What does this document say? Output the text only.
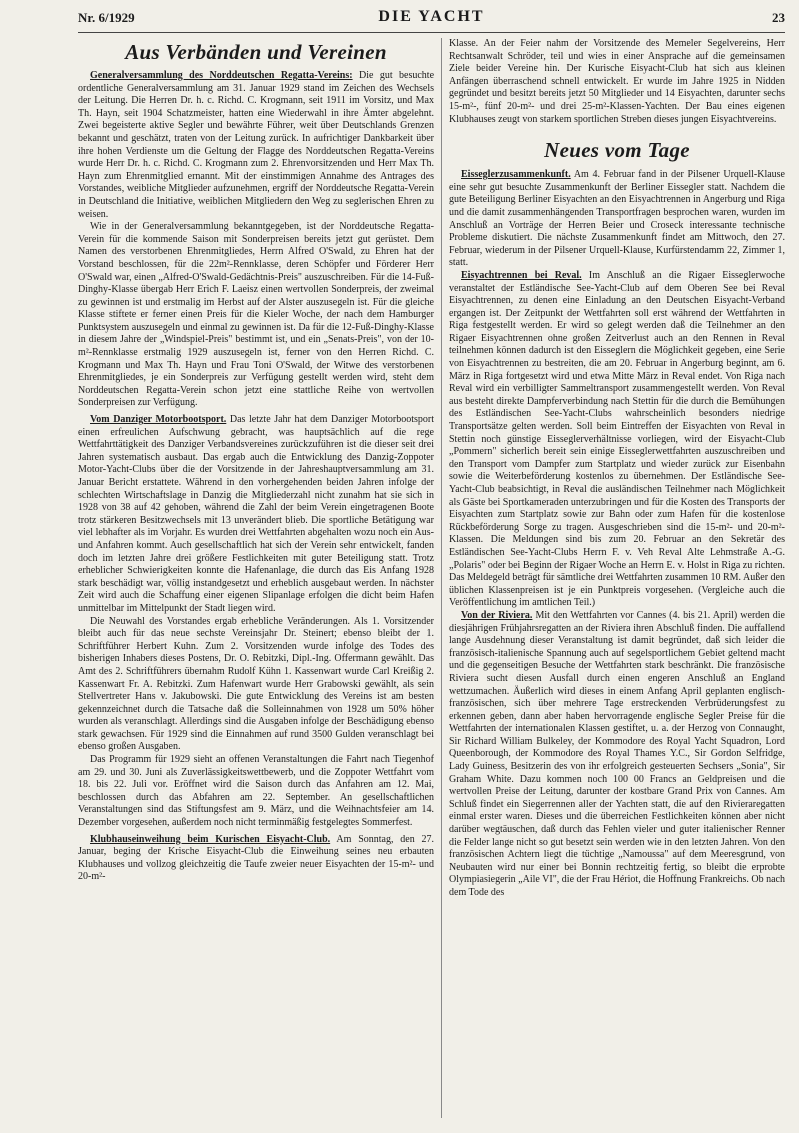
Nr. 6/1929	DIE YACHT	23
Aus Verbänden und Vereinen

Generalversammlung des Norddeutschen Regatta-Vereins: Die gut besuchte ordentliche Generalversammlung am 31. Januar 1929 stand im Zeichen des Wechsels der Leitung. Die Herren Dr. h. c. Richd. C. Krogmann, seit 1911 im Vorsitz, und Max Th. Hayn, seit 1904 Schatzmeister, hatten eine Wiederwahl in ihre Ämter abgelehnt. Zwei begeisterte aktive Segler und bewährte Führer, weit über Deutschlands Grenzen bekannt und geschätzt, traten von der Leitung zurück. In aufrichtiger Dankbarkeit über ihre hohen Verdienste um die Geltung der Flagge des Norddeutschen Regatta-Vereins wurde Herr Dr. h. c. Richd. C. Krogmann zum 2. Ehrenvorsitzenden und Herr Max Th. Hayn zum Ehrenmitglied ernannt. Mit der einstimmigen Annahme des Antrages des Vorstandes, weibliche Mitglieder aufzunehmen, ergriff der Norddeutsche Regatta-Verein in Deutschland die Initiative, weiblichen Mitgliedern den Weg zu seglerischen Ehren zu weisen.

Wie in der Generalversammlung bekanntgegeben, ist der Norddeutsche Regatta-Verein für die kommende Saison mit Sonderpreisen bereits jetzt gut gerüstet. Dem Namen des verstorbenen Ehrenmitgliedes, Herrn Alfred O'Swald, zu Ehren hat der Vorstand beschlossen, für die 22m²-Rennklasse, deren Schöpfer und Förderer Herr O'Swald war, einen „Alfred-O'Swald-Gedächtnis-Preis" auszuschreiben. Für die 14-Fuß-Dinghy-Klasse übergab Herr Erich F. Laeisz einen wertvollen Sonderpreis, der zweimal zu gewinnen ist und erstmalig im Herbst auf der Alster auszusegeln ist. Für die gleiche Klasse stiftete er ferner einen Preis für die Kieler Woche, der nach dem Hamburger Punktsystem auszusegeln und einmal zu gewinnen ist. Da für die 12-Fuß-Dinghy-Klasse in diesem Jahre der „Windspiel-Preis" bestimmt ist, und ein „Senats-Preis", von der 10-m²-Rennklasse erstmalig 1929 auszusegeln ist, ferner von den Herren Richd. C. Krogmann und Max Th. Hayn und Frau Toni O'Swald, der Witwe des verstorbenen Ehrenmitgliedes, je ein Sonderpreis zur Verfügung gestellt werden wird, steht dem Norddeutschen Regatta-Verein schon jetzt eine stattliche Reihe von wertvollen Sonderpreisen zur Verfügung.

Vom Danziger Motorbootsport. Das letzte Jahr hat dem Danziger Motorbootsport einen erfreulichen Aufschwung gebracht, was hauptsächlich auf die rege Wettfahrttätigkeit des Danziger Verbandsvereines zurückzuführen ist die dieser seit drei Jahren systematisch ausbaut. Das ergab auch die Entwicklung des Danzig-Zoppoter Motor-Yacht-Clubs über die der Vorsitzende in der Jahreshauptversammlung am 31. Januar Bericht erstattete. Während in den vorhergehenden beiden Jahren infolge der schlechten Wirtschaftslage in Danzig die Mitgliederzahl nicht zunahm hat sie sich in 1928 von 38 auf 42 gehoben, während die Zahl der beim Verein eingetragenen Boote trotz stärkeren Besitzwechsels mit 13 unverändert blieb. Die sportliche Betätigung war viel lebhafter als im Vorjahr. Es wurden drei Wettfahrten abgehalten wozu noch ein Aus- und Anfahren kommt. Auch gesellschaftlich hat sich der Verein sehr entwickelt, fanden doch im letzten Jahre drei größere Festlichkeiten mit guter Beteiligung statt. Trotz erheblicher Schwierigkeiten konnte die Hafenanlage, die durch das Eis Anfang 1928 stark beschädigt war, völlig instandgesetzt und erheblich ausgebaut werden. In nächster Zeit wird auch die Schaffung einer eigenen Slipanlage erfolgen die dicht beim Hafen unmittelbar im Mittelpunkt der Stadt liegen wird.

Die Neuwahl des Vorstandes ergab erhebliche Veränderungen. Als 1. Vorsitzender bleibt auch für das neue sechste Vereinsjahr Dr. Steinert; ebenso bleibt der 1. Schriftführer Herbert Kuhn. Zum 2. Vorsitzenden wurde infolge des Todes des bisherigen Inhabers dieses Postens, Dr. O. Rebitzki, Dipl.-Ing. Offermann gewählt. Das Amt des 2. Schriftführers übernahm Rudolf Kühn 1. Kassenwart wurde Carl Kreißig 2. Kassenwart Fr. A. Rebitzki. Zum Hafenwart wurde Herr Grabowski gewählt, als sein Stellvertreter Hans v. Jakubowski. Die gute Entwicklung des Vereins ist am besten gekennzeichnet durch die Tatsache daß die Solleinnahmen von 1928 um 50% höher wurden als veranschlagt. Allerdings sind die Ausgaben infolge der Beschädigung ebenso stark gewachsen. Für 1929 sind die Einnahmen auf rund 3500 Gulden veranschlagt bei ebenso großen Ausgaben.

Das Programm für 1929 sieht an offenen Veranstaltungen die Fahrt nach Tiegenhof am 29. und 30. Juni als Zuverlässigkeitswettbewerb, und die Zoppoter Wettfahrt vom 18. bis 22. Juli vor. Eröffnet wird die Saison durch das Anfahren am 12. Mai, beschlossen durch das Abfahren am 22. September. An gesellschaftlichen Veranstaltungen sind das Stiftungsfest am 9. März, und die Weihnachtsfeier am 14. Dezember vorgesehen, außerdem noch nicht terminmäßig festgelegtes Sommerfest.

Klubhauseinweihung beim Kurischen Eisyacht-Club. Am Sonntag, den 27. Januar, beging der Krische Eisyacht-Club die Einweihung seines neu erbauten Klubhauses und vollzog gleichzeitig die Taufe zweier neuer Eisyachten der 15-m²- und 20-m²-

Klasse. An der Feier nahm der Vorsitzende des Memeler Segelvereins, Herr Rechtsanwalt Schröder, teil und wies in einer Ansprache auf die gemeinsamen Ziele beider Vereine hin. Der Kurische Eisyacht-Club hat sich aus kleinen Anfängen überraschend schnell entwickelt. Er wurde im Jahre 1925 in Nidden gegründet und besitzt bereits jetzt 50 Mitglieder und 14 Eisyachten, darunter sechs 15-m²-, fünf 20-m²- und drei 25-m²-Klassen-Yachten. Der Bau eines eigenen Klubhauses zeugt von starkem sportlichen Streben dieses jungen Eisyachtvereins.

Neues vom Tage

Eisseglerzusammenkunft. Am 4. Februar fand in der Pilsener Urquell-Klause eine sehr gut besuchte Zusammenkunft der Berliner Eissegler statt. Nachdem die gute Beteiligung Berliner Eisyachten an den Eisyachtrennen in Angerburg und Riga und die damit zusammenhängenden Transportfragen besprochen waren, wurden im Anschluß an Vorträge der Herren Beier und Croseck interessante technische Probleme diskutiert. Die nächste Zusammenkunft findet am Mittwoch, den 27. Februar, wiederum in der Pilsener Urquell-Klause, Kurfürstendamm 22, Zimmer 1, statt.

Eisyachtrennen bei Reval. Im Anschluß an die Rigaer Eisseglerwoche veranstaltet der Estländische See-Yacht-Club auf dem Oberen See bei Reval Eisyachtrennen, zu denen eine Einladung an den Deutschen Eisyacht-Verband ergangen ist. Der Zeitpunkt der Wettfahrten soll erst während der Wettfahrten in Riga festgestellt werden. Er wird so gelegt werden daß die Teilnehmer an den Rigaer Eisyachtrennen ohne großen Zeitverlust auch an den Rennen in Reval teilnehmen können dadurch ist den Eisseglern die Möglichkeit gegeben, eine Serie von Eisyachtrennen zu bestreiten, die am 20. Februar in Angerburg beginnt, am 6. März in Riga fortgesetzt wird und etwa Mitte März in Reval endet. Von Riga nach Reval wird ein verbilligter Sammeltransport zusammengestellt werden. Von Reval aus besteht direkte Dampferverbindung nach Stettin für die durch die Bemühungen des Estländischen See-Yacht-Clubs wahrscheinlich besonders niedrige Transportsätze gelten werden. Soll beim Eintreffen der Eisyachten von Reval in Stettin noch günstige Eisseglerverhältnisse vorliegen, wird der Eisyacht-Club „Pommern" sicherlich bereit sein einige Eisseglerwettfahrten auszuschreiben und den Transport vom Dampfer zum Startplatz und wieder zurück zur Eisenbahn sowie die Weiterbeförderung kostenlos zu übernehmen. Der Estländische See-Yacht-Club beabsichtigt, in Reval die ausländischen Teilnehmer nach Möglichkeit als Gäste bei Sportkameraden unterzubringen und für die Kosten des Transports der Eisyachten zum Startplatz sowie zur Bahn oder zum Hafen für die kostenlose Rückbeförderung Sorge zu tragen. Ausgeschrieben sind die 15-m²- und 20-m²-Klassen. Die Meldungen sind bis zum 20. Februar an den Sekretär des Estländischen See-Yacht-Clubs Herrn F. v. Veh Reval Alte Lehmstraße A.-G. „Polaris" oder bei Beginn der Rigaer Woche an Herrn E. v. Holst in Riga zu richten. Das Meldegeld beträgt für sämtliche drei Wettfahrten zusammen 10 RM. Außer den üblichen Klassenpreisen ist je ein Punktpreis vorgesehen. (Vergleiche auch die Veröffentlichung im amtlichen Teil.)

Von der Riviera. Mit den Wettfahrten vor Cannes (4. bis 21. April) werden die diesjährigen Frühjahrsregatten an der Riviera ihren Abschluß finden. Die auffallend lange Ausdehnung dieser Veranstaltung ist damit begründet, daß sich leider die französisch-italienische Spannung auch auf segelsportlichem Gebiet geltend macht und die gegenseitigen Besuche der Wettfahrten stark beschränkt. Die französische Riviera sucht diesen Ausfall durch einen engeren Anschluß an England wettzumachen. Äußerlich wird dieses in einem Anfang April geplanten englisch-französischen, sich über mehrere Tage erstreckenden Verbrüderungsfest zu erkennen geben, dann aber haben hervorragende englische Segler Preise für die Wettfahrten der internationalen Klassen gestiftet, u. a. der Herzog von Connaught, Sir Richard William Bulkeley, der Kommodore des Royal Yacht Squadron, Lord Queenborough, der Kommodore des Royal Thames Y.C., Sir Gordon Selfridge, Lady Guiness, Besitzerin des von ihr erfolgreich gesteuerten Sechsers „Sonia", Sir Graham White. Dazu kommen noch 100 00 Francs an Geldpreisen und die wertvollen Preise der Leitung, darunter der kostbare Grand Prix von Cannes. Am Schluß findet ein Siegerrennen aller der Yachten statt, die auf den Rivieraregatten einmal erster waren. Dieses und die überreichen Festlichkeiten können aber nicht darüber wegtäuschen, daß durch das Fehlen vieler und guter italienischer Renner die Felder lange nicht so gut besetzt sein werden wie in den letzten Jahren. Von den französischen Achtern liegt die tüchtige „Namoussa" auf dem Meeresgrund, von Neubauten wird nur einer bei Bonnin rechtzeitig fertig, so bleibt die erprobte Olympiasiegerin „Aile VI", die der Frau Hériot, die Hoffnung Frankreichs. Ob nach dem Tode des
